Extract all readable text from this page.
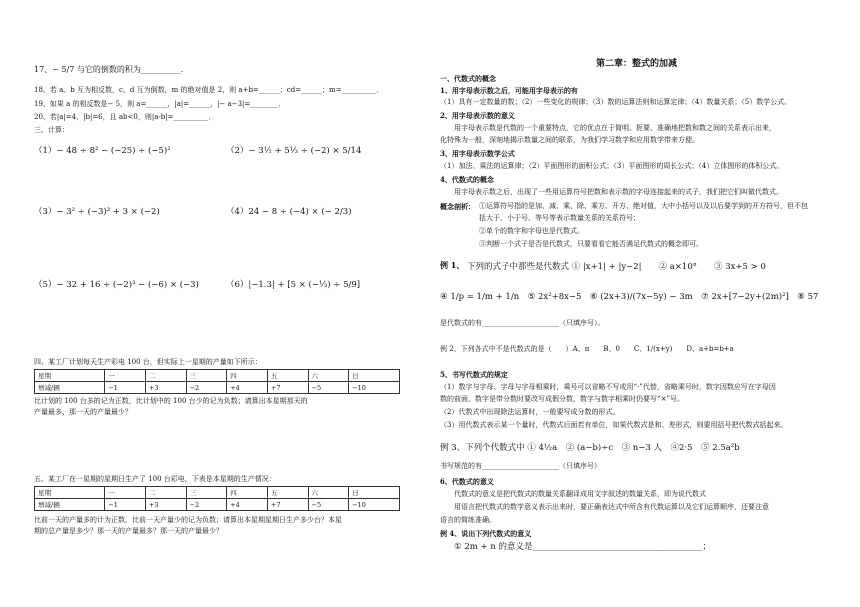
17、− 5/7 与它的倒数的积为__________．
18、若 a、b 互为相反数，c、d 互为倒数，m 的绝对值是 2，则 a+b=______；cd=______；m=__________．
19、如果 a 的相反数是− 5，则 a=______，|a|=______，|− a−3|=________．
20、若|a|=4，|b|=6，且 ab<0，则|a-b|=__________．
三、计算：
（1）− 48 ÷ 8² − (−25) ÷ (−5)²	（2）− 3½ + 5⅓ ÷ (−2) × 5/14
（3）− 3² ÷ (−3)² + 3 × (−2)	（4）24 − 8 ÷ (−4) × (− 2/3)
（5）− 32 + 16 ÷ (−2)³ − (−6) × (−3)	（6）|−1.3| + [5 × (−⅓) ÷ 5/9]
四、某工厂计划每天生产彩电 100 台，但实际上一星期的产量如下所示：
星期	一	二	三	四	五	六	日
增减/辆	−1	+3	−2	+4	+7	−5	−10
比计划的 100 台多的记为正数，比计划中的 100 台少的记为负数；请算出本星期那天的
产量最多，那一天的产量最少？
五、某工厂在一星期的星期日生产了 100 台彩电，下表是本星期的生产情况：
星期	一	二	三	四	五	六	日
增减/辆	−1	+3	−2	+4	+7	−5	−10
比前一天的产量多的计为正数，比前一天产量少的记为负数；请算出本星期星期日生产多少台？本星
期的总产量是多少？那一天的产量最多？那一天的产量最少？
第二章：整式的加减
一、代数式的概念
1、用字母表示数之后，可能用字母表示的有
（1）具有一定数量的数；（2）一些变化的规律；（3）数的运算法则和运算定律；（4）数量关系；（5）数学公式。
2、用字母表示数的意义
用字母表示数是代数的一个重要特点，它的优点在于简明。扼要、准确地把数和数之间的关系表示出来，
化特殊为一般，深刻地揭示数量之间的联系，为我们学习数学和应用数学带来方便。
3、用字母表示数学公式
（1）加法、乘法的运算律；（2）平面图形的面积公式；（3）平面图形的周长公式；（4）立体图形的体积公式。
4、代数式的概念
用字母表示数之后，出现了一些用运算符号把数和表示数的字母连接起来的式子，我们把它们叫做代数式。
概念剖析： ①运算符号指的是加、减、乘、除、乘方、开方、绝对值，大中小括号以及以后要学到的开方符号，但不包
括大于、小于号、等号等表示数量关系的关系符号；
②单个的数字和字母也是代数式。
③判断一个式子是否是代数式，只要看看它能否满足代数式的概念即可。
例 1、 下列的式子中那些是代数式 ① |x+1| + |y−2|　　② a×10°　　③ 3x+5 > 0
④ 1/p = 1/m + 1/n　⑤ 2x²+8x−5　⑥ (2x+3)/(7x−5y) − 3m　⑦ 2x+[7−2y+(2m)²]　⑧ 57
是代数式的有______________________（只填序号）。
例 2、下列各式中不是代数式的是（　　）A、π　　B、0　　C、1/(x+y)　　D、a+b=b+a
5、书写代数式的规定
（1）数字与字母、字母与字母相乘时，乘号可以省略不写或用“·”代替，省略乘号时，数字因数应写在字母因
数的前面，数字是带分数时要改写成假分数，数字与数字相乘时仍要写“×”号。
（2）代数式中出现除法运算时，一般要写成分数的形式。
（3）用代数式表示某一个量时，代数式后面若有单位，如果代数式是和、差形式，则要用括号把代数式括起来。
例 3、下列个代数式中 ① 4½a　② (a−b)÷c　③ n−3 人　④2·5　⑤ 2.5a²b
书写规范的有______________________（只填序号）
6、代数式的意义
代数式的意义是把代数式的数量关系翻译成用文字叙述的数量关系，即为说代数式
用语言把代数式的数学意义表示出来时，要正确表达式中所含有代数运算以及它们运算顺序，还要注意
语言的简练准确。
例 4、说出下列代数式的意义
① 2m + n 的意义是________________________________________；
